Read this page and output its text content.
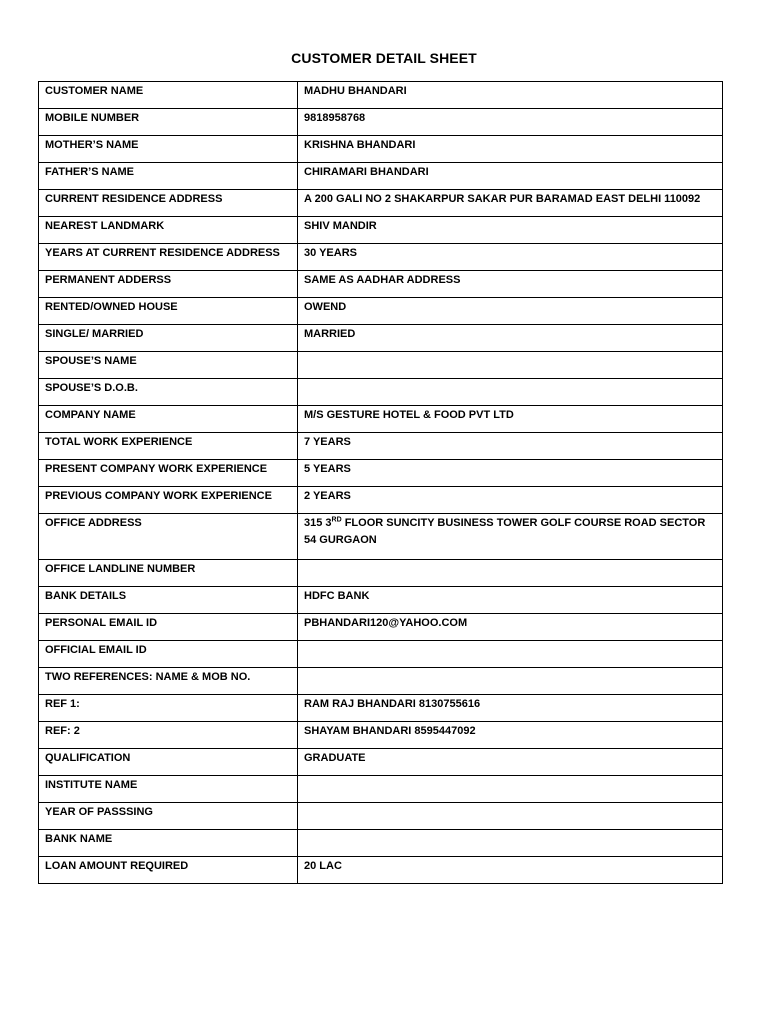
CUSTOMER DETAIL SHEET
CUSTOMER NAME	MADHU BHANDARI
MOBILE NUMBER	9818958768
MOTHER’S NAME	KRISHNA BHANDARI
FATHER’S NAME	CHIRAMARI BHANDARI
CURRENT RESIDENCE ADDRESS	A 200 GALI NO 2 SHAKARPUR SAKAR PUR BARAMAD EAST DELHI 110092
NEAREST LANDMARK	SHIV MANDIR
YEARS AT CURRENT RESIDENCE ADDRESS	30 YEARS
PERMANENT ADDERSS	SAME AS AADHAR ADDRESS
RENTED/OWNED HOUSE	OWEND
SINGLE/ MARRIED	MARRIED
SPOUSE’S NAME	
SPOUSE’S D.O.B.	
COMPANY NAME	M/S GESTURE HOTEL & FOOD PVT LTD
TOTAL WORK EXPERIENCE	7 YEARS
PRESENT COMPANY WORK EXPERIENCE	5 YEARS
PREVIOUS COMPANY WORK EXPERIENCE	2 YEARS
OFFICE ADDRESS	315 3RD FLOOR SUNCITY BUSINESS TOWER GOLF COURSE ROAD SECTOR 54 GURGAON
OFFICE LANDLINE NUMBER	
BANK DETAILS	HDFC BANK
PERSONAL EMAIL ID	PBHANDARI120@YAHOO.COM
OFFICIAL EMAIL ID	
TWO REFERENCES: NAME & MOB NO.	
REF 1:	RAM RAJ BHANDARI 8130755616
REF: 2	SHAYAM BHANDARI 8595447092
QUALIFICATION	GRADUATE
INSTITUTE NAME	
YEAR OF PASSSING	
BANK NAME	
LOAN AMOUNT REQUIRED	20 LAC
